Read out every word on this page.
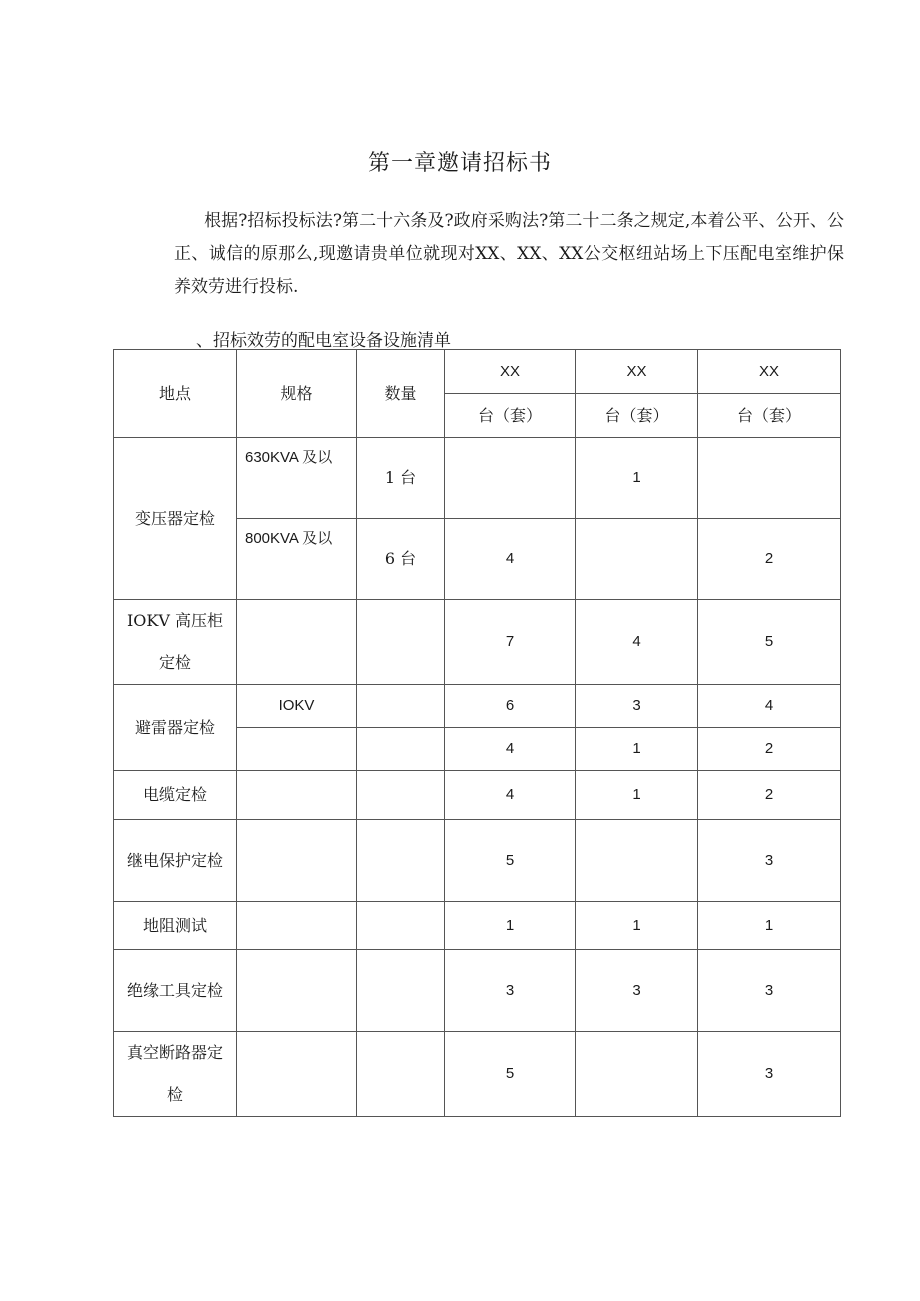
第一章邀请招标书
根据?招标投标法?第二十六条及?政府采购法?第二十二条之规定,本着公平、公开、公正、诚信的原那么,现邀请贵单位就现对XX、XX、XX公交枢纽站场上下压配电室维护保养效劳进行投标.
、招标效劳的配电室设备设施清单
地点	规格	数量	XX	XX	XX
			台（套）	台（套）	台（套）
变压器定检	630KVA 及以	1 台		1	
	800KVA 及以	6 台	4		2
IOKV 高压柜定检			7	4	5
避雷器定检	IOKV		6	3	4
			4	1	2
电缆定检			4	1	2
继电保护定检			5		3
地阻测试			1	1	1
绝缘工具定检			3	3	3
真空断路器定检			5		3
